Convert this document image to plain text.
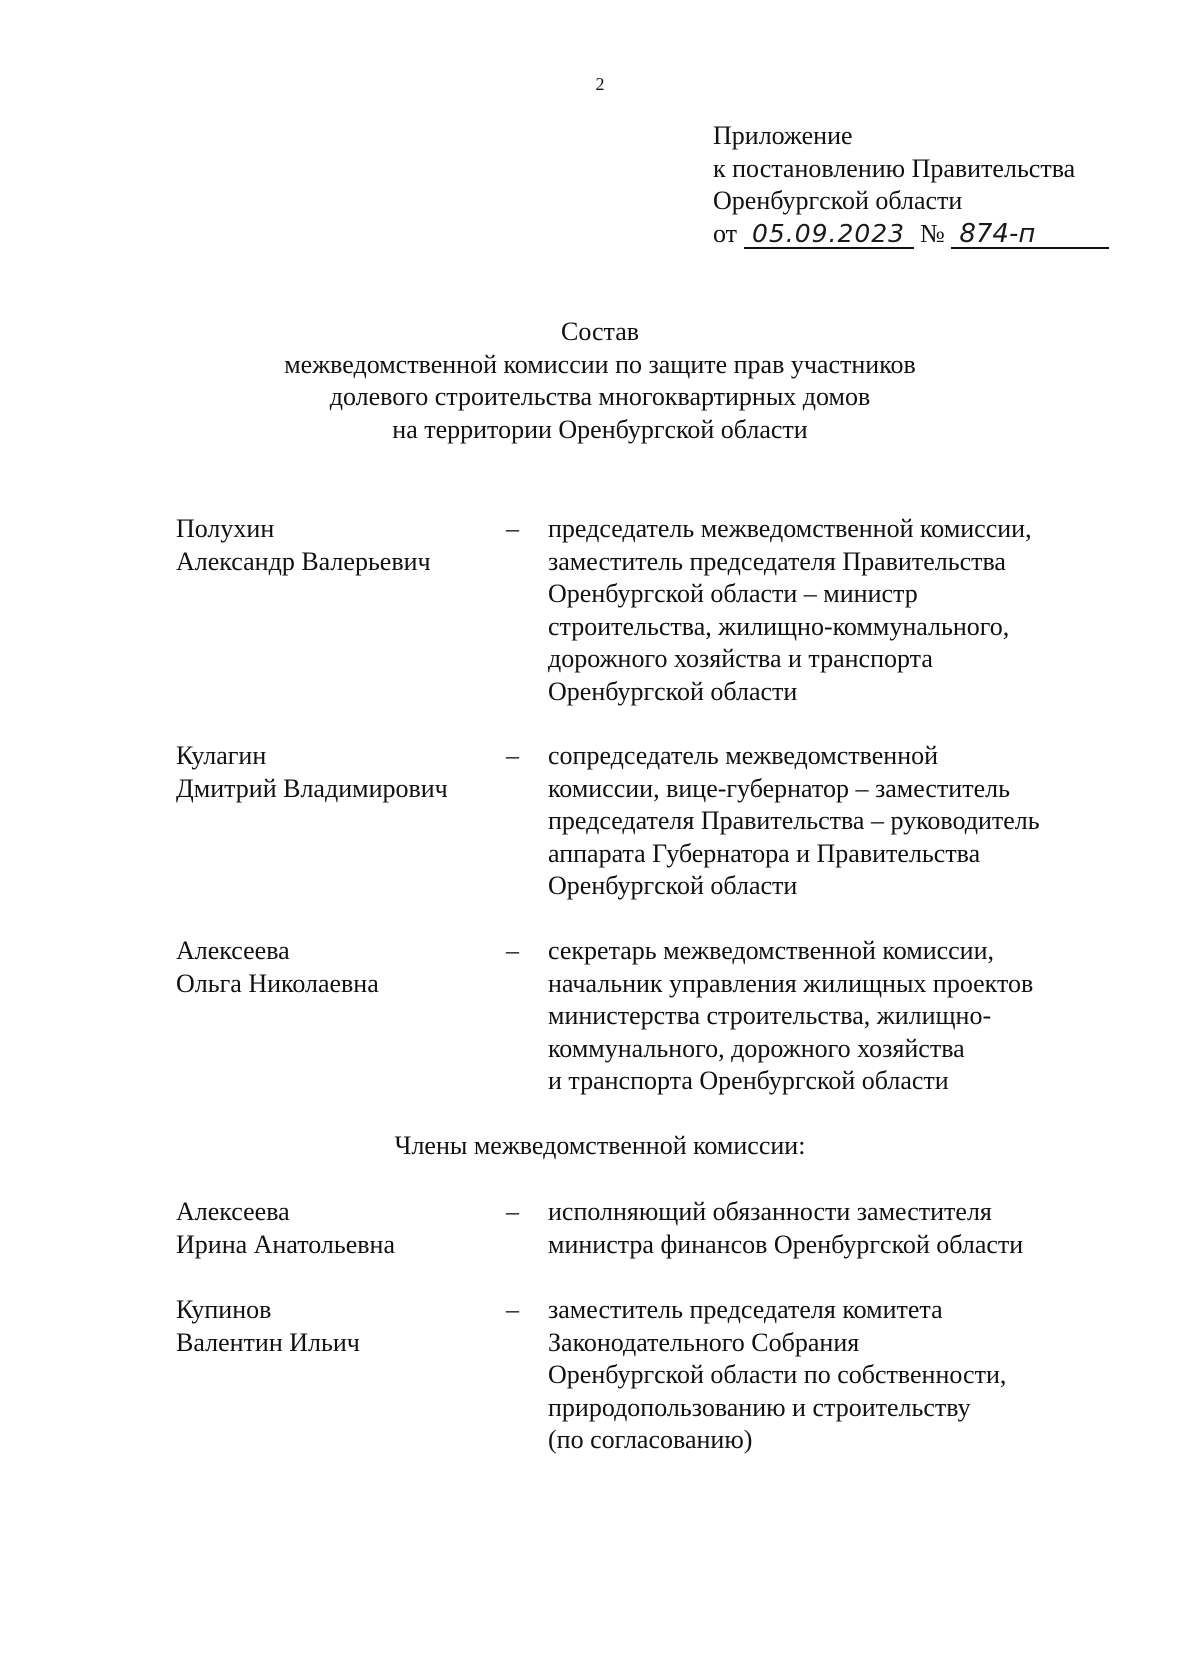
2
Приложение
к постановлению Правительства
Оренбургской области
от 05.09.2023 № 874-п
Состав
межведомственной комиссии по защите прав участников
долевого строительства многоквартирных домов
на территории Оренбургской области
Полухин
Александр Валерьевич
– председатель межведомственной комиссии,
заместитель председателя Правительства
Оренбургской области – министр
строительства, жилищно-коммунального,
дорожного хозяйства и транспорта
Оренбургской области
Кулагин
Дмитрий Владимирович
– сопредседатель межведомственной
комиссии, вице-губернатор – заместитель
председателя Правительства – руководитель
аппарата Губернатора и Правительства
Оренбургской области
Алексеева
Ольга Николаевна
– секретарь межведомственной комиссии,
начальник управления жилищных проектов
министерства строительства, жилищно-
коммунального, дорожного хозяйства
и транспорта Оренбургской области
Члены межведомственной комиссии:
Алексеева
Ирина Анатольевна
– исполняющий обязанности заместителя
министра финансов Оренбургской области
Купинов
Валентин Ильич
– заместитель председателя комитета
Законодательного Собрания
Оренбургской области по собственности,
природопользованию и строительству
(по согласованию)
